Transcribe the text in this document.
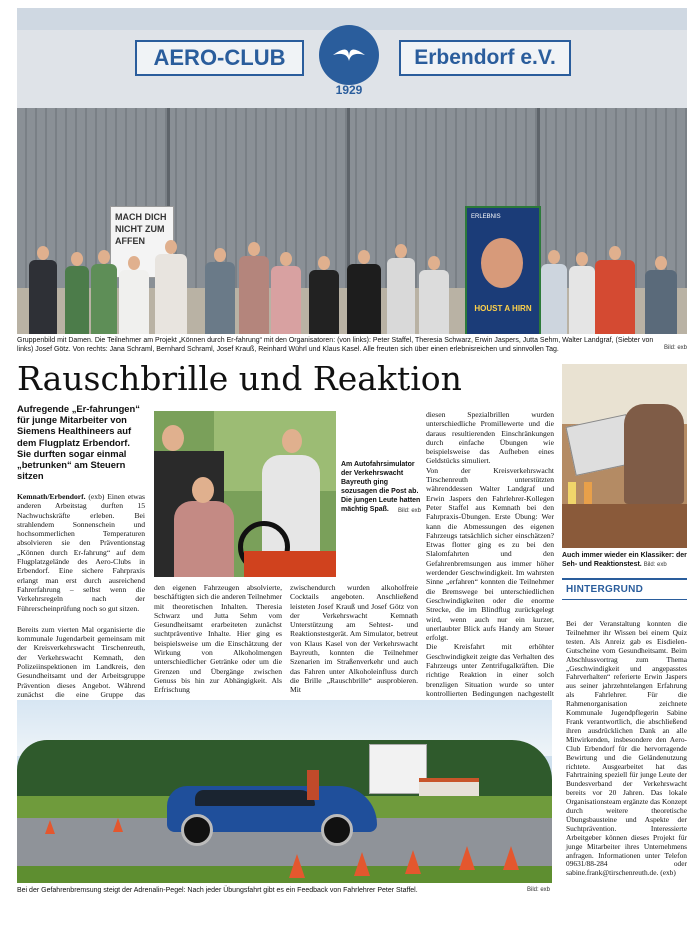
AERO-CLUB
1929
Erbendorf e.V.
MACH DICH NICHT ZUM AFFEN
ERLEBNIS
HOUST A HIRN
Gruppenbild mit Damen. Die Teilnehmer am Projekt „Können durch Er-fahrung“ mit den Organisatoren: (von links): Peter Staffel, Theresia Schwarz, Erwin Jaspers, Jutta Sehm, Walter Landgraf, (Siebter von links) Josef Götz. Von rechts: Jana Schraml, Bernhard Schraml, Josef Krauß, Reinhard Wührl und Klaus Kasel. Alle freuten sich über einen erlebnisreichen und sinnvollen Tag.	Bild: exb
Rauschbrille und Reaktion
Auch immer wieder ein Klassiker: der Seh- und Reaktionstest. Bild: exb
Aufregende „Er-fahrungen“ für junge Mitarbeiter von Siemens Healthineers auf dem Flugplatz Erbendorf. Sie durften sogar einmal „betrunken“ am Steuern sitzen
Am Autofahrsimulator der Verkehrswacht Bayreuth ging sozusagen die Post ab. Die jungen Leute hatten mächtig Spaß. Bild: exb

Kemnath/Erbendorf. (exb) Einen etwas anderen Arbeitstag durften 15 Nachwuchskräfte erleben. Bei strahlendem Sonnenschein und hochsommerlichen Temperaturen absolvieren sie den Präventionstag „Können durch Er-fahrung“ auf dem Flugplatzgelände des Aero-Clubs in Erbendorf. Eine sichere Fahrpraxis erlangt man erst durch ausreichend Fahrerfahrung – selbst wenn die Verkehrsregeln nach der Führerscheinprüfung noch so gut sitzen.

Bereits zum vierten Mal organisierte die kommunale Jugendarbeit gemeinsam mit der Kreisverkehrswacht Tirschenreuth, der Verkehrswacht Kemnath, den Polizeiinspektionen im Landkreis, den Gesundheitsamt und der Arbeitsgruppe Prävention dieses Angebot. Während zunächst die eine Gruppe das

den eigenen Fahrzeugen absolvierte, beschäftigten sich die anderen Teilnehmer mit theoretischen Inhalten. Theresia Schwarz und Jutta Sehm vom Gesundheitsamt erarbeiteten zunächst suchtpräventive Inhalte. Hier ging es beispielsweise um die Einschätzung der Wirkung von Alkoholmengen unterschiedlicher Getränke oder um die Grenzen und Übergänge zwischen Genuss bis hin zur Abhängigkeit. Als Erfrischung

zwischendurch wurden alkoholfreie Cocktails angeboten. Anschließend leisteten Josef Krauß und Josef Götz von der Verkehrswacht Kemnath Unterstützung am Sehtest- und Reaktionstestgerät. Am Simulator, betreut von Klaus Kasel von der Verkehrswacht Bayreuth, konnten die Teilnehmer Szenarien im Straßenverkehr und auch das Fahren unter Alkoholeinfluss durch die Brille „Rauschbrille“ ausprobieren. Mit

diesen Spezialbrillen wurden unterschiedliche Promillewerte und die daraus resultierenden Einschränkungen durch einfache Übungen wie beispielsweise das Aufheben eines Geldstücks simuliert.

Von der Kreisverkehrswacht Tirschenreuth unterstützten währenddessen Walter Landgraf und Erwin Jaspers den Fahrlehrer-Kollegen Peter Staffel aus Kemnath bei den Fahrpraxis-Übungen. Erste Übung: Wer kann die Abmessungen des eigenen Fahrzeugs tatsächlich sicher einschätzen? Etwas flotter ging es zu bei den Slalomfahrten und den Gefahrenbremsungen aus immer höher werdender Geschwindigkeit. Im wahrsten Sinne „erfahren“ konnten die Teilnehmer die Bremswege bei unterschiedlichen Geschwindigkeiten oder die enorme Strecke, die im Blindflug zurückgelegt wird, wenn auch nur ein kurzer, unerlaubter Blick aufs Handy am Steuer erfolgt.

Die Kreisfahrt mit erhöhter Geschwindigkeit zeigte das Verhalten des Fahrzeugs unter Zentrifugalkräften. Die richtige Reaktion in einer solch brenzligen Situation wurde so unter kontrollierten Bedingungen nachgestellt

Bei der Gefahrenbremsung steigt der Adrenalin-Pegel: Nach jeder Übungsfahrt gibt es ein Feedback von Fahrlehrer Peter Staffel.	Bild: exb
HINTERGRUND
Bei der Veranstaltung konnten die Teilnehmer ihr Wissen bei einem Quiz testen. Als Anreiz gab es Eisdielen-Gutscheine vom Gesundheitsamt. Beim Abschlussvortrag zum Thema „Geschwindigkeit und angepasstes Fahrverhalten“ referierte Erwin Jaspers aus seiner jahrzehntelangen Erfahrung als Fahrlehrer. Für die Rahmenorganisation zeichnete Kommunale Jugendpflegerin Sabine Frank verantwortlich, die abschließend ihren ausdrücklichen Dank an alle Mitwirkenden, insbesondere den Aero-Club Erbendorf für die hervorragende Bewirtung und die Geländenutzung richtete. Ausgearbeitet hat das Fahrtraining speziell für junge Leute der Bundesverband der Verkehrswacht bereits vor 20 Jahren. Das lokale Organisationsteam ergänzte das Konzept durch weitere theoretische Übungsbausteine und Aspekte der Suchtprävention. Interessierte Arbeitgeber können dieses Projekt für junge Mitarbeiter ihres Unternehmens anfragen. Informationen unter Telefon 09631/88-284 oder sabine.frank@tirschenreuth.de. (exb)
